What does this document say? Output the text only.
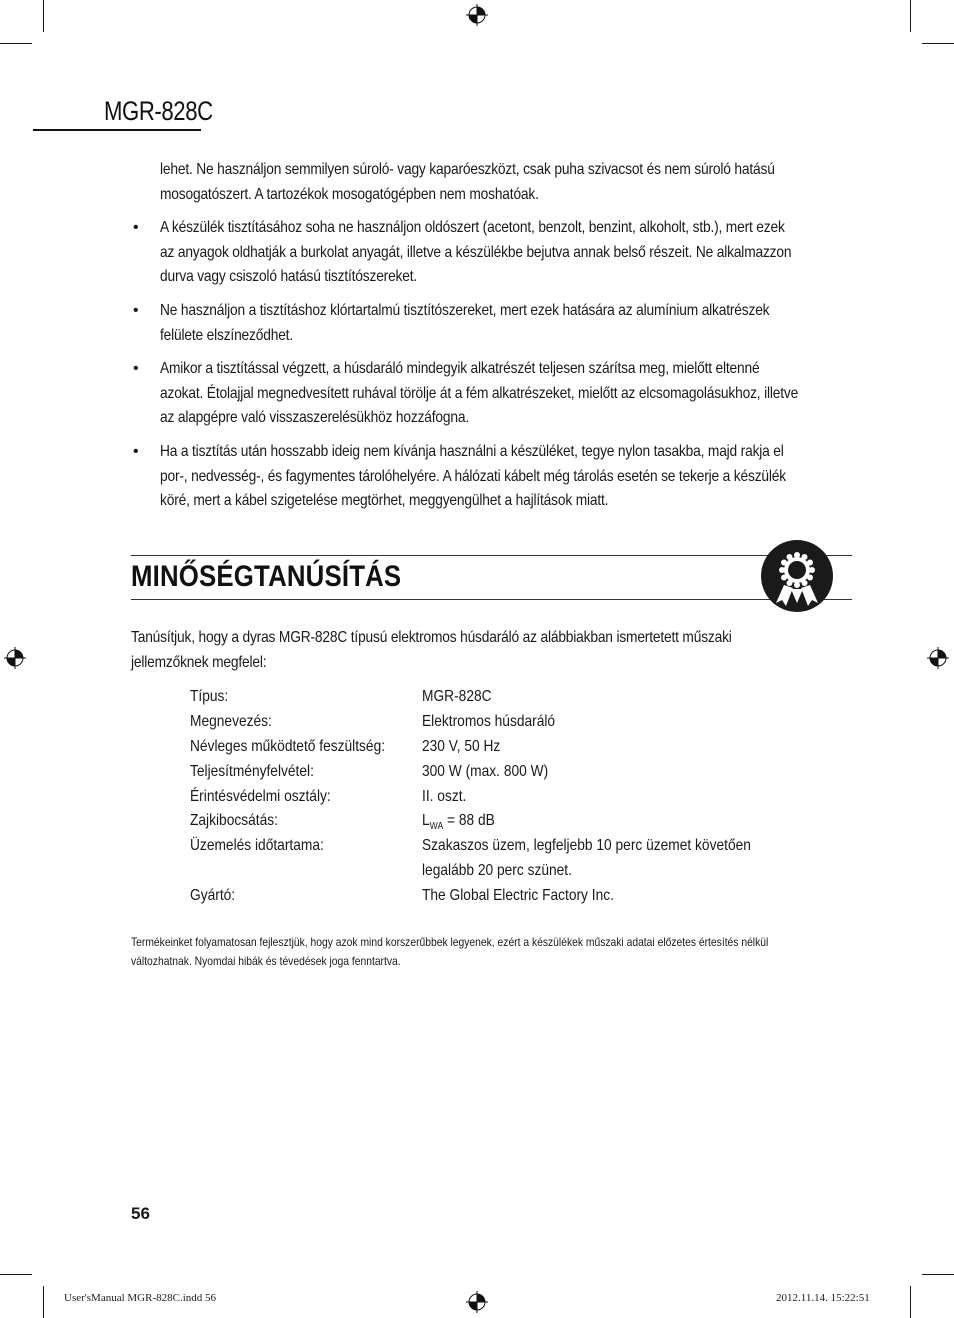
MGR-828C
lehet. Ne használjon semmilyen súroló- vagy kaparóeszközt, csak puha szivacsot és nem súroló hatású
mosogatószert. A tartozékok mosogatógépben nem moshatóak.
• A készülék tisztításához soha ne használjon oldószert (acetont, benzolt, benzint, alkoholt, stb.), mert ezek
az anyagok oldhatják a burkolat anyagát, illetve a készülékbe bejutva annak belső részeit. Ne alkalmazzon
durva vagy csiszoló hatású tisztítószereket.
• Ne használjon a tisztításhoz klórtartalmú tisztítószereket, mert ezek hatására az alumínium alkatrészek
felülete elszíneződhet.
• Amikor a tisztítással végzett, a húsdaráló mindegyik alkatrészét teljesen szárítsa meg, mielőtt eltenné
azokat. Étolajjal megnedvesített ruhával törölje át a fém alkatrészeket, mielőtt az elcsomagolásukhoz, illetve
az alapgépre való visszaszerelésükhöz hozzáfogna.
• Ha a tisztítás után hosszabb ideig nem kívánja használni a készüléket, tegye nylon tasakba, majd rakja el
por-, nedvesség-, és fagymentes tárolóhelyére. A hálózati kábelt még tárolás esetén se tekerje a készülék
köré, mert a kábel szigetelése megtörhet, meggyengülhet a hajlítások miatt.
MINŐSÉGTANÚSÍTÁS
Tanúsítjuk, hogy a dyras MGR-828C típusú elektromos húsdaráló az alábbiakban ismertetett műszaki
jellemzőknek megfelel:
Típus:	MGR-828C
Megnevezés:	Elektromos húsdaráló
Névleges működtető feszültség:	230 V, 50 Hz
Teljesítményfelvétel:	300 W (max. 800 W)
Érintésvédelmi osztály:	II. oszt.
Zajkibocsátás:	$L_{WA} = 88$ dB
Üzemelés időtartama:	Szakaszos üzem, legfeljebb 10 perc üzemet követően
legalább 20 perc szünet.
Gyártó:	The Global Electric Factory Inc.
Termékeinket folyamatosan fejlesztjük, hogy azok mind korszerűbbek legyenek, ezért a készülékek műszaki adatai előzetes értesítés nélkül
változhatnak. Nyomdai hibák és tévedések joga fenntartva.
56
User'sManual MGR-828C.indd 56	2012.11.14. 15:22:51
